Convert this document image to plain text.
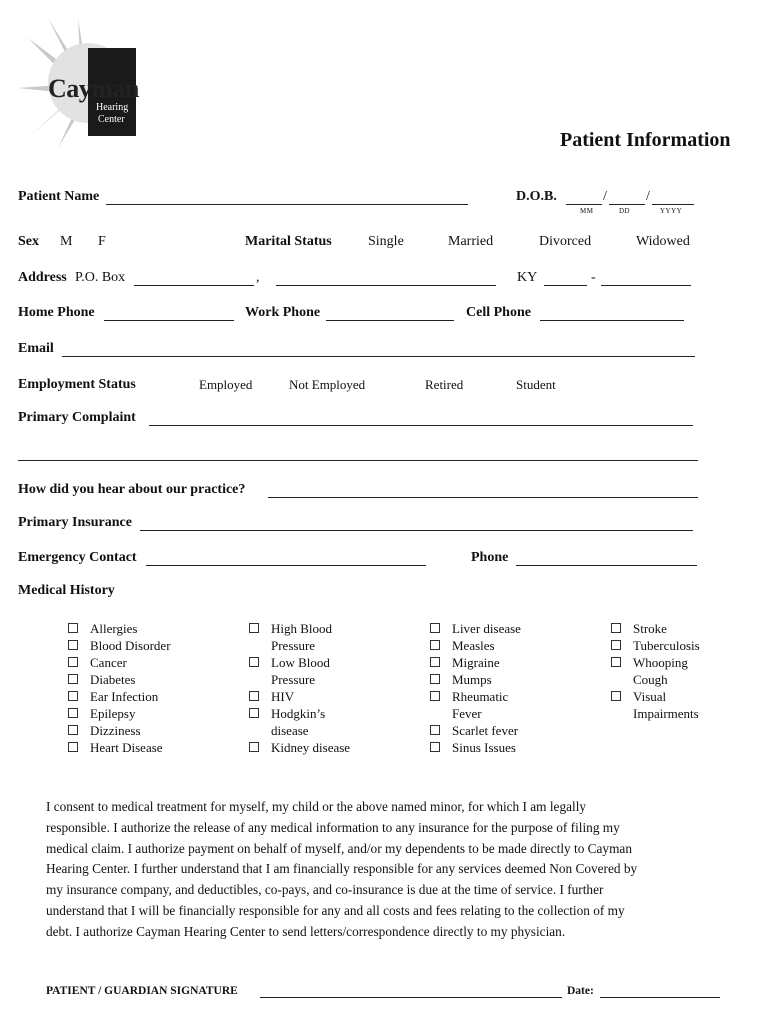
Cayman
Hearing
Center
Patient Information
Patient Name	D.O.B.	/	/
MM	DD	YYYY
Sex M F	Marital Status	Single	Married	Divorced	Widowed
Address P.O. Box	,	KY	-
Home Phone	Work Phone	Cell Phone
Email
Employment Status	Employed	Not Employed	Retired	Student
Primary Complaint
How did you hear about our practice?
Primary Insurance
Emergency Contact	Phone
Medical History
Allergies
Blood Disorder
Cancer
Diabetes
Ear Infection
Epilepsy
Dizziness
Heart Disease
High Blood
Pressure
Low Blood
Pressure
HIV
Hodgkin’s
disease
Kidney disease
Liver disease
Measles
Migraine
Mumps
Rheumatic
Fever
Scarlet fever
Sinus Issues
Stroke
Tuberculosis
Whooping
Cough
Visual
Impairments
I consent to medical treatment for myself, my child or the above named minor, for which I am legally
responsible. I authorize the release of any medical information to any insurance for the purpose of filing my
medical claim. I authorize payment on behalf of myself, and/or my dependents to be made directly to Cayman
Hearing Center. I further understand that I am financially responsible for any services deemed Non Covered by
my insurance company, and deductibles, co-pays, and co-insurance is due at the time of service. I further
understand that I will be financially responsible for any and all costs and fees relating to the collection of my
debt. I authorize Cayman Hearing Center to send letters/correspondence directly to my physician.
PATIENT / GUARDIAN SIGNATURE	Date:
